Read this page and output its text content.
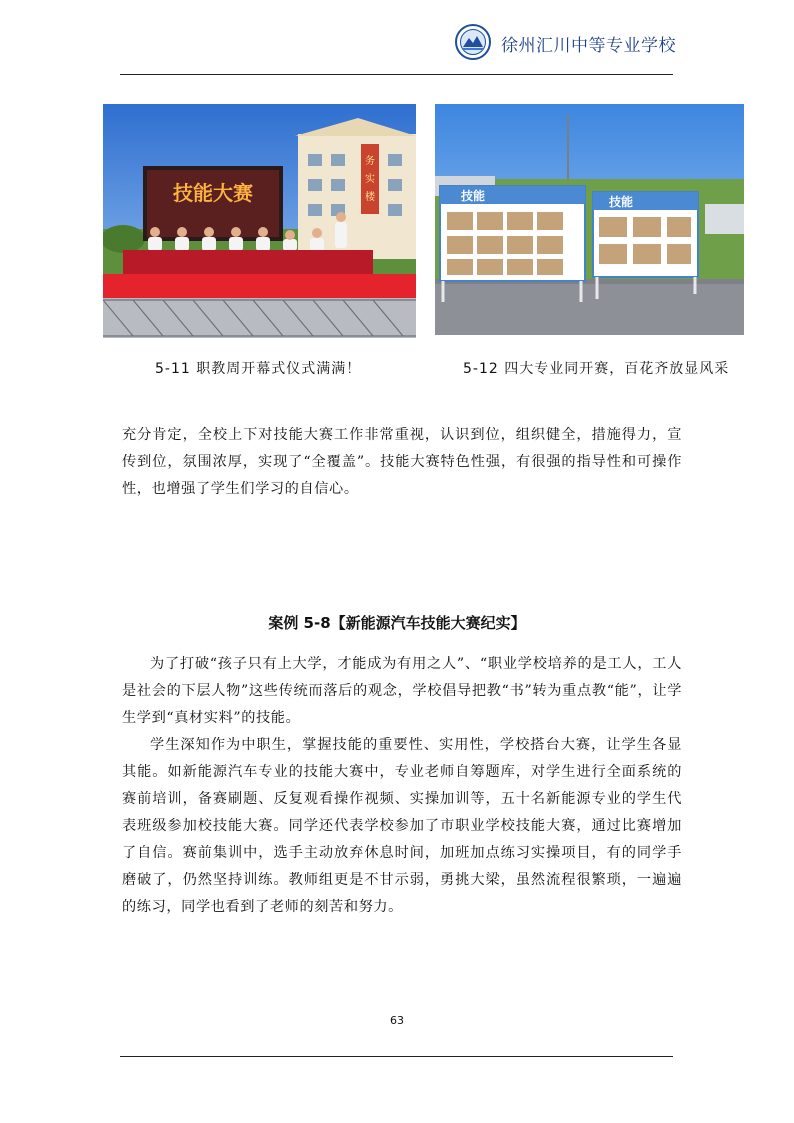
徐州汇川中等专业学校
务
实
楼
技能大赛	技能	技能
5-11 职教周开幕式仪式满满！	5-12 四大专业同开赛，百花齐放显风采
充分肯定，全校上下对技能大赛工作非常重视，认识到位，组织健全，措施得力，宣传到位，氛围浓厚，实现了“全覆盖”。技能大赛特色性强，有很强的指导性和可操作性，也增强了学生们学习的自信心。
案例 5-8【新能源汽车技能大赛纪实】
为了打破“孩子只有上大学，才能成为有用之人”、“职业学校培养的是工人，工人是社会的下层人物”这些传统而落后的观念，学校倡导把教“书”转为重点教“能”，让学生学到“真材实料”的技能。
学生深知作为中职生，掌握技能的重要性、实用性，学校搭台大赛，让学生各显其能。如新能源汽车专业的技能大赛中，专业老师自筹题库，对学生进行全面系统的赛前培训，备赛刷题、反复观看操作视频、实操加训等，五十名新能源专业的学生代表班级参加校技能大赛。同学还代表学校参加了市职业学校技能大赛，通过比赛增加了自信。赛前集训中，选手主动放弃休息时间，加班加点练习实操项目，有的同学手磨破了，仍然坚持训练。教师组更是不甘示弱，勇挑大梁，虽然流程很繁琐，一遍遍的练习，同学也看到了老师的刻苦和努力。
63
